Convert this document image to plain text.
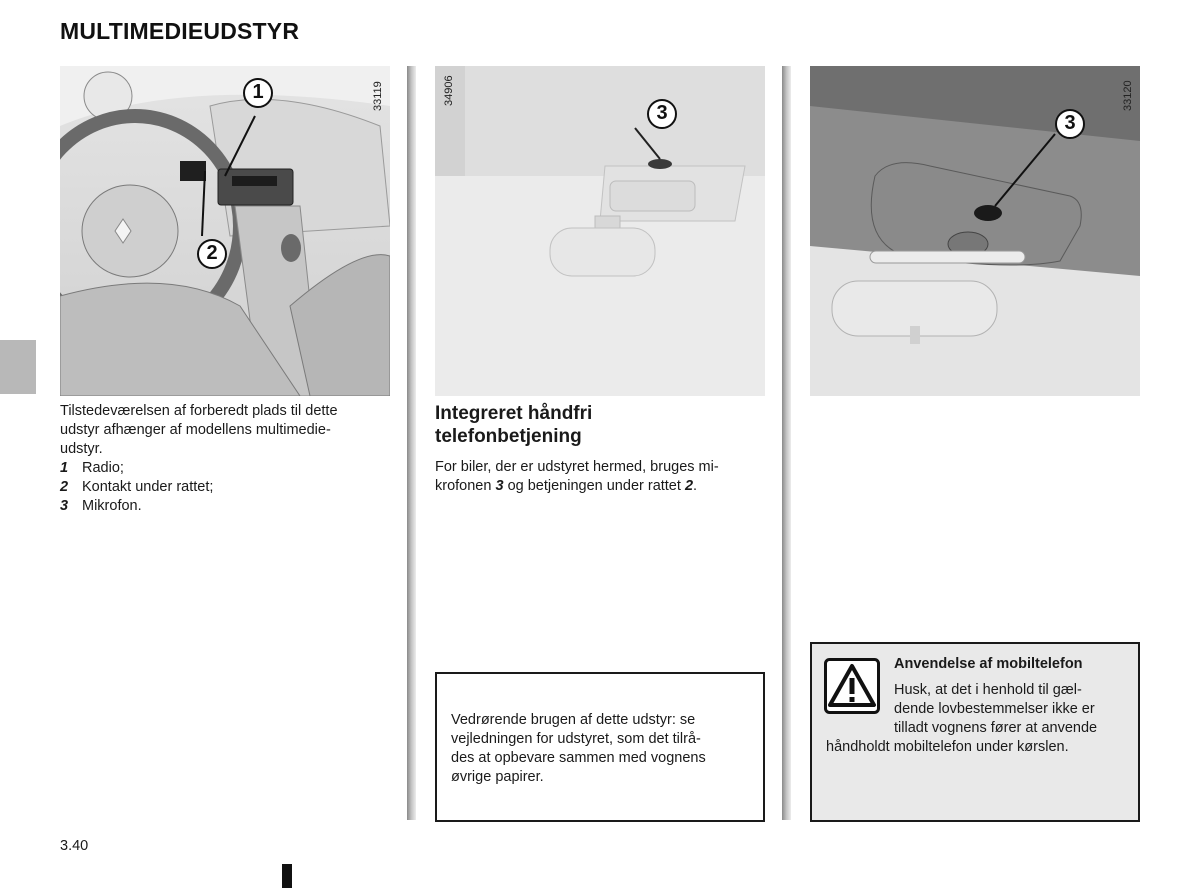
MULTIMEDIEUDSTYR
1
2
33119
3
34906
3
33120
Tilstedeværelsen af forberedt plads til dette
udstyr afhænger af modellens multimedie-
udstyr.
1 Radio;
2 Kontakt under rattet;
3 Mikrofon.
Integreret håndfri
telefonbetjening
For biler, der er udstyret hermed, bruges mi-
krofonen 3 og betjeningen under rattet 2.
Vedrørende brugen af dette udstyr: se
vejledningen for udstyret, som det tilrå-
des at opbevare sammen med vognens
øvrige papirer.
Anvendelse af mobiltelefon
Husk, at det i henhold til gæl-
dende lovbestemmelser ikke er
tilladt vognens fører at anvende
håndholdt mobiltelefon under kørslen.
3.40
